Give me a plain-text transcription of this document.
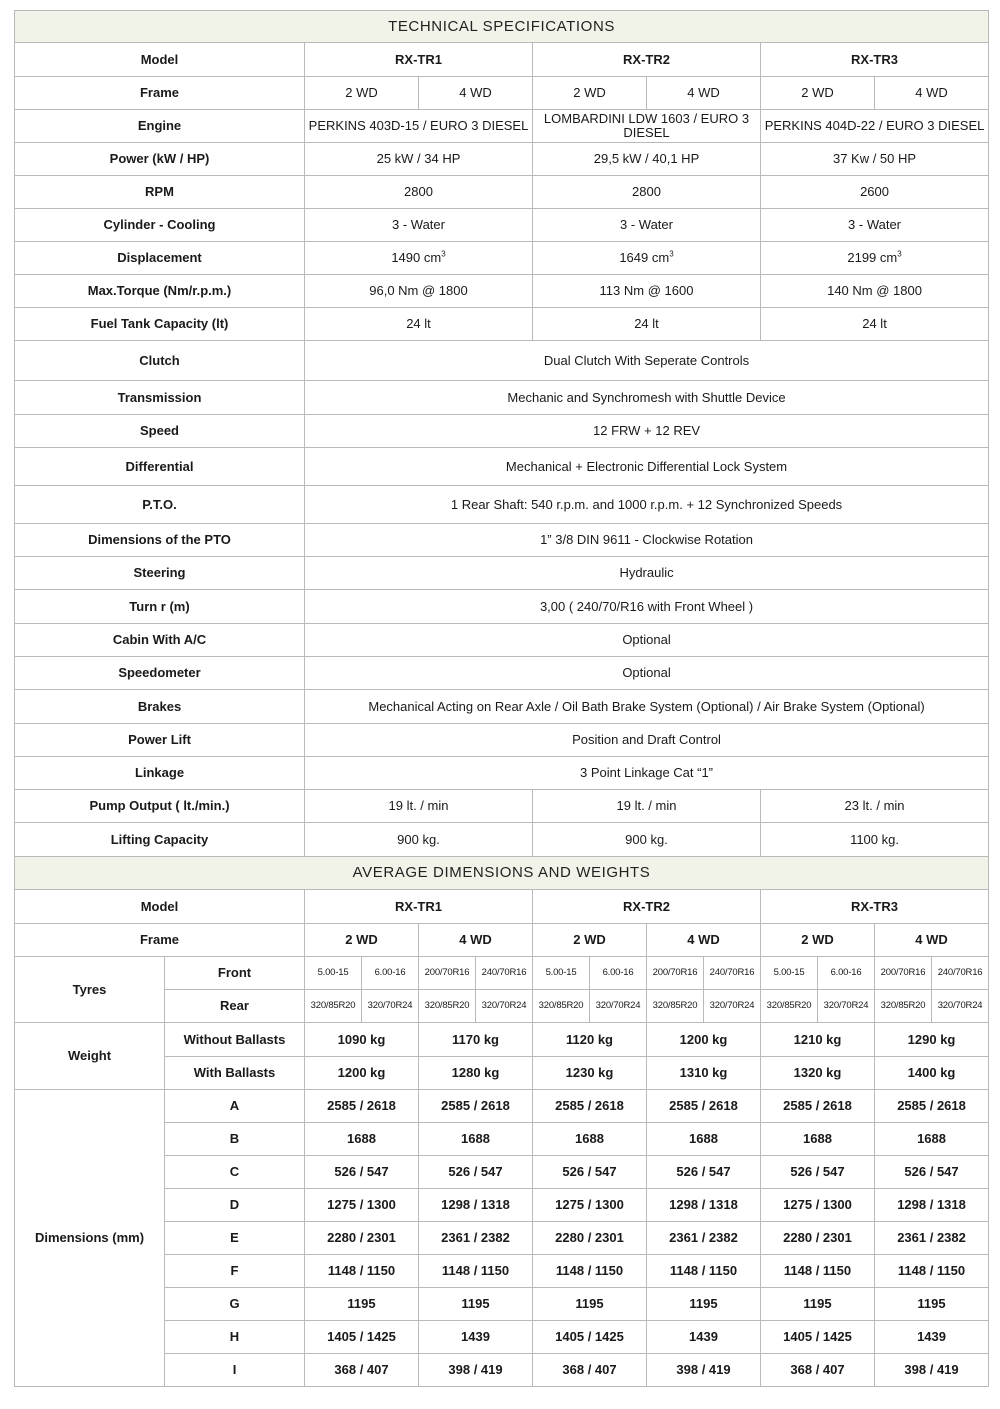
TECHNICAL SPECIFICATIONS													
Model		RX-TR1				RX-TR2				RX-TR3			
Frame		2 WD		4 WD		2 WD		4 WD		2 WD		4 WD	
Engine		PERKINS 403D-15 / EURO 3 DIESEL				LOMBARDINI LDW 1603 / EURO 3 DIESEL				PERKINS 404D-22 / EURO 3 DIESEL			
Power (kW / HP)		25 kW / 34 HP				29,5 kW / 40,1 HP				37 Kw / 50 HP			
RPM		2800				2800				2600			
Cylinder - Cooling		3 - Water				3 - Water				3 - Water			
Displacement		1490 $cm^3$				1649 $cm^3$				2199 $cm^3$
Max.Torque (Nm/r.p.m.)		96,0 Nm @ 1800				113 Nm @ 1600				140 Nm @ 1800			
Fuel Tank Capacity (lt)		24 lt				24 lt				24 lt			
Clutch		Dual Clutch With Seperate Controls											
Transmission		Mechanic and Synchromesh with Shuttle Device											
Speed		12 FRW + 12 REV											
Differential		Mechanical + Electronic Differential Lock System											
P.T.O.		1 Rear Shaft: 540 r.p.m. and 1000 r.p.m. + 12 Synchronized Speeds											
Dimensions of the PTO		1” 3/8 DIN 9611 - Clockwise Rotation											
Steering		Hydraulic											
Turn r (m)		3,00 ( 240/70/R16 with Front Wheel )											
Cabin With A/C		Optional											
Speedometer		Optional											
Brakes		Mechanical Acting on Rear Axle / Oil Bath Brake System (Optional) / Air Brake System (Optional)											
Power Lift		Position and Draft Control											
Linkage		3 Point Linkage Cat “1”											
Pump Output ( lt./min.)		19 lt. / min				19 lt. / min				23 lt. / min			
Lifting Capacity		900 kg.				900 kg.				1100 kg.			
AVERAGE DIMENSIONS AND WEIGHTS													
Model		RX-TR1				RX-TR2				RX-TR3			
Frame		2 WD		4 WD		2 WD		4 WD		2 WD		4 WD	
Tyres	Front	5.00-15	6.00-16	200/70R16	240/70R16	5.00-15	6.00-16	200/70R16	240/70R16	5.00-15	6.00-16	200/70R16	240/70R16
	Rear	320/85R20	320/70R24	320/85R20	320/70R24	320/85R20	320/70R24	320/85R20	320/70R24	320/85R20	320/70R24	320/85R20	320/70R24
Weight	Without Ballasts	1090 kg		1170 kg		1120 kg		1200 kg		1210 kg		1290 kg	
	With Ballasts	1200 kg		1280 kg		1230 kg		1310 kg		1320 kg		1400 kg	
Dimensions (mm)	A	2585 / 2618		2585 / 2618		2585 / 2618		2585 / 2618		2585 / 2618		2585 / 2618	
	B	1688		1688		1688		1688		1688		1688	
	C	526 / 547		526 / 547		526 / 547		526 / 547		526 / 547		526 / 547	
	D	1275 / 1300		1298 / 1318		1275 / 1300		1298 / 1318		1275 / 1300		1298 / 1318	
	E	2280 / 2301		2361 / 2382		2280 / 2301		2361 / 2382		2280 / 2301		2361 / 2382	
	F	1148 / 1150		1148 / 1150		1148 / 1150		1148 / 1150		1148 / 1150		1148 / 1150	
	G	1195		1195		1195		1195		1195		1195	
	H	1405 / 1425		1439		1405 / 1425		1439		1405 / 1425		1439	
	I	368 / 407		398 / 419		368 / 407		398 / 419		368 / 407		398 / 419	
